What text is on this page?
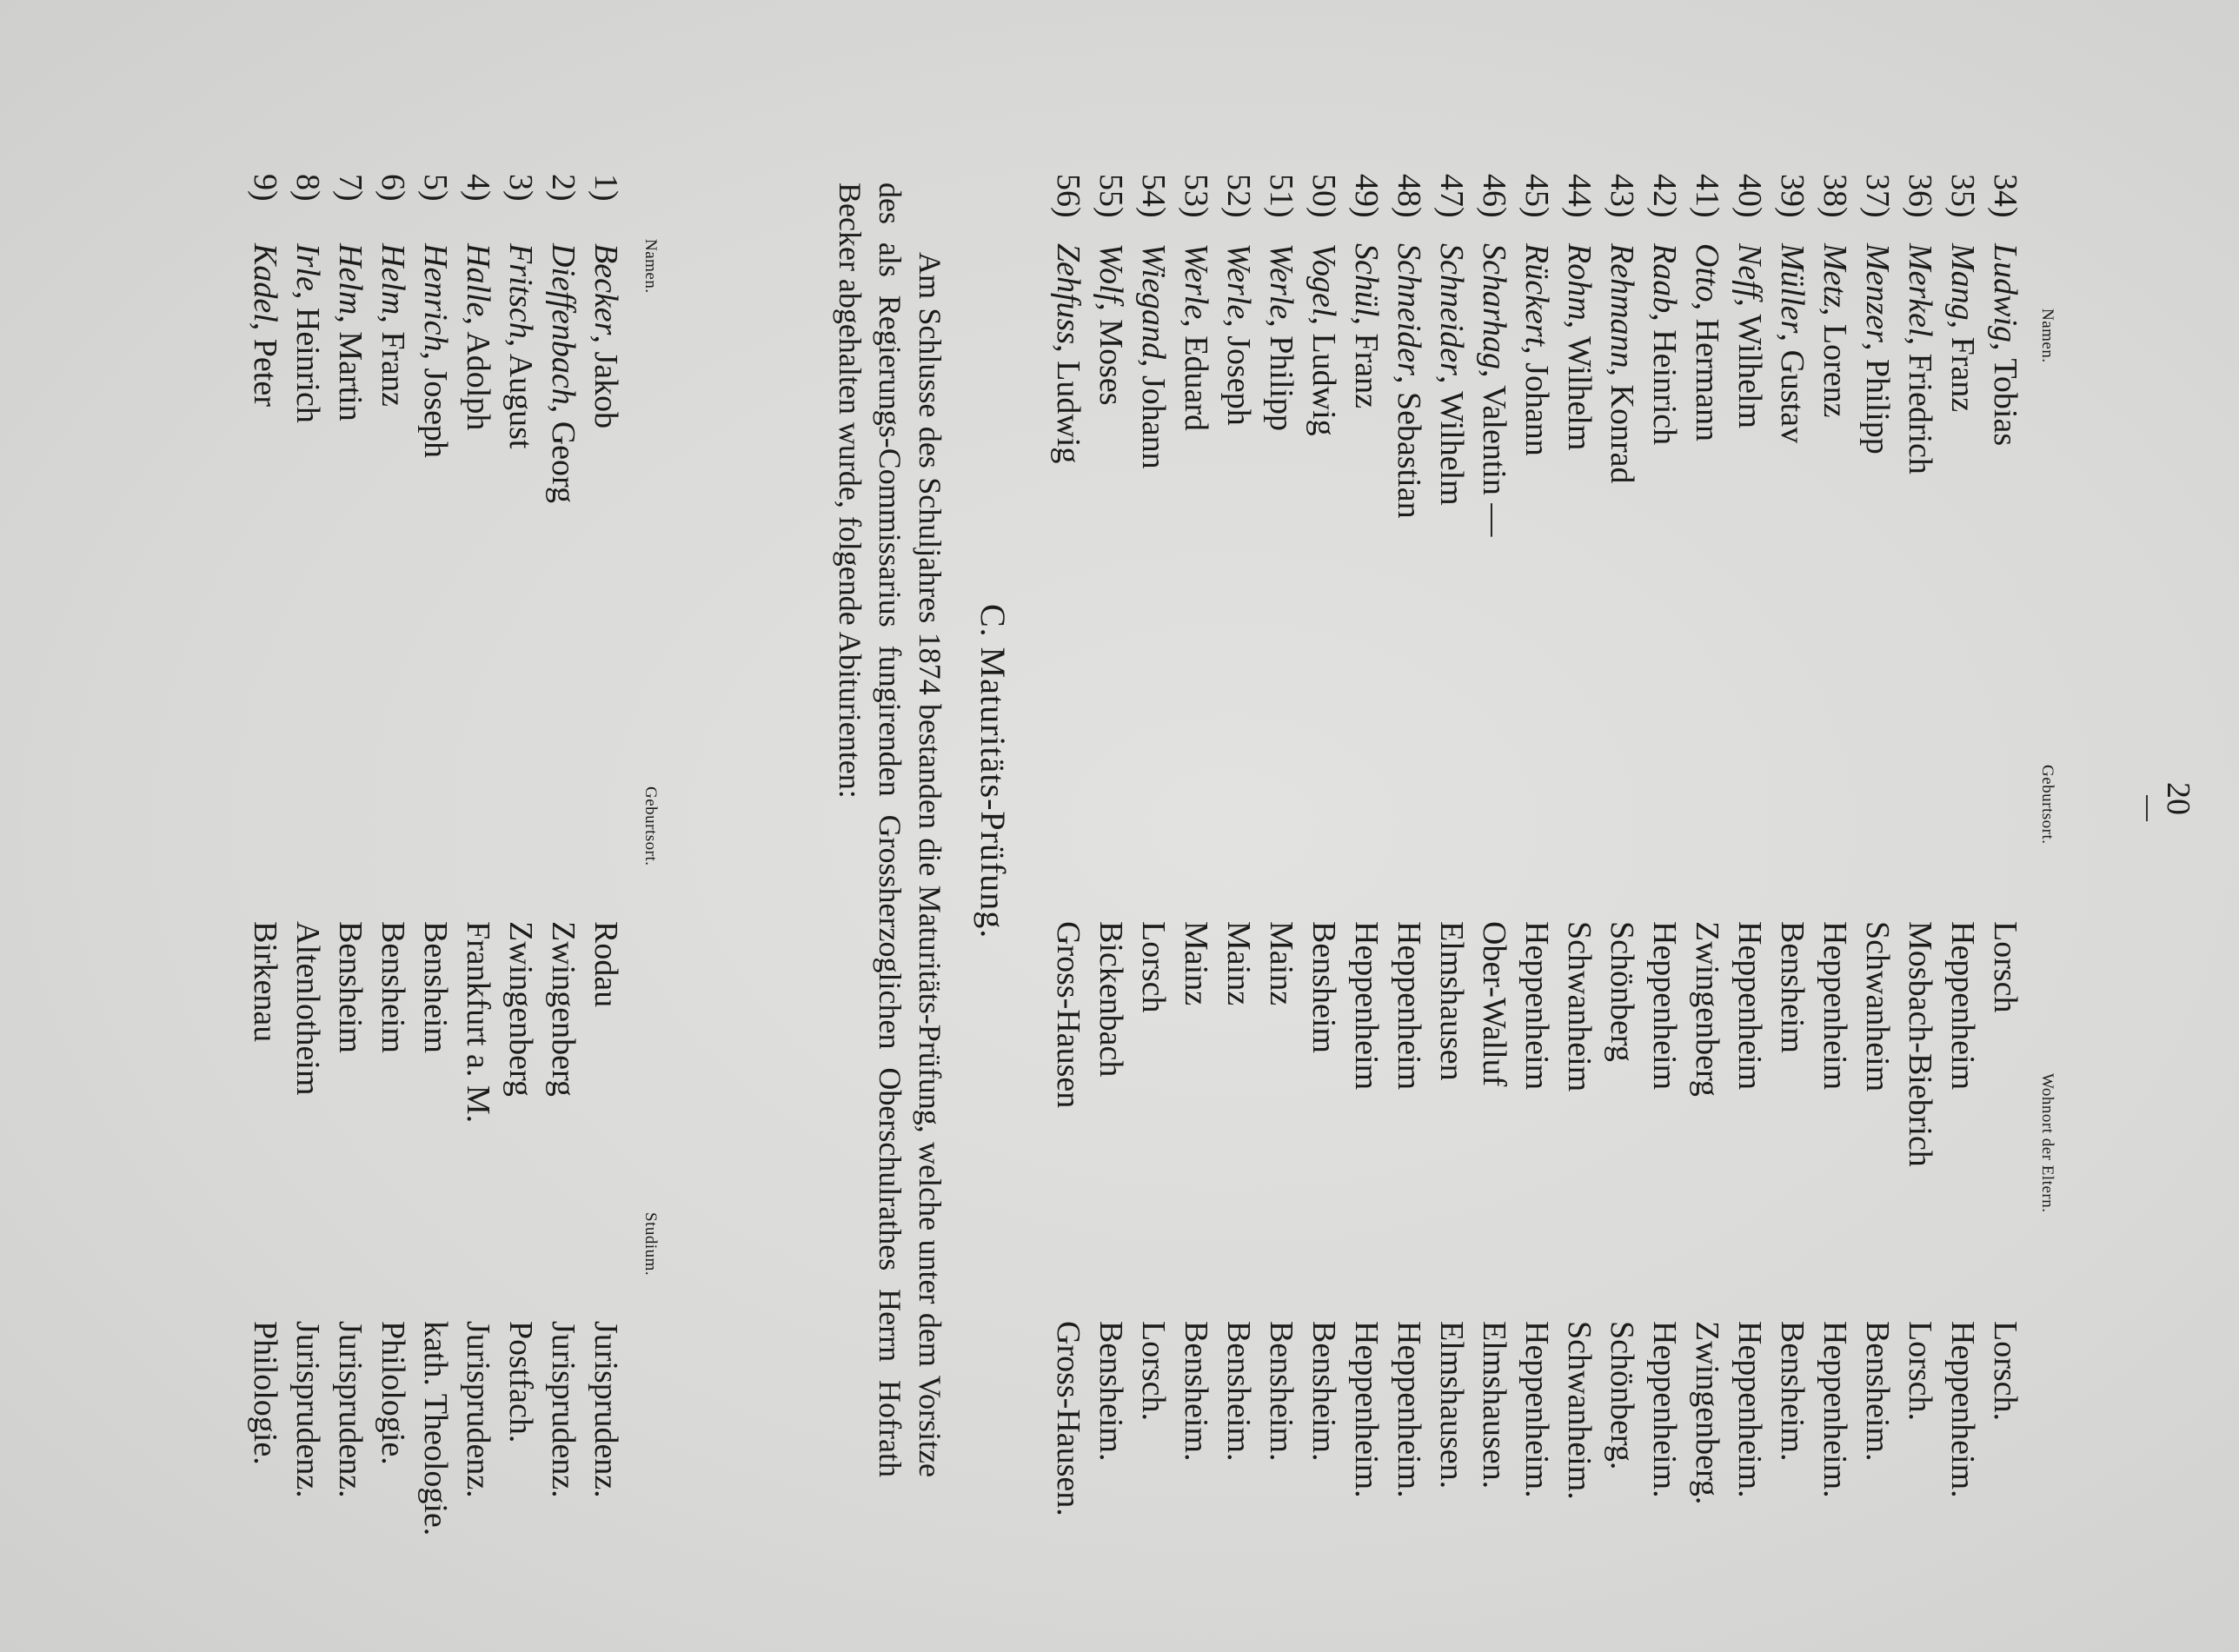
20
Namen.
Geburtsort.
Wohnort der Eltern.
34)Ludwig, Tobias
Lorsch
Lorsch.
35)Mang, Franz
Heppenheim
Heppenheim.
36)Merkel, Friedrich
Mosbach-Biebrich
Lorsch.
37)Menzer, Philipp
Schwanheim
Bensheim.
38)Metz, Lorenz
Heppenheim
Heppenheim.
39)Müller, Gustav
Bensheim
Bensheim.
40)Neff, Wilhelm
Heppenheim
Heppenheim.
41)Otto, Hermann
Zwingenberg
Zwingenberg.
42)Raab, Heinrich
Heppenheim
Heppenheim.
43)Rehmann, Konrad
Schönberg
Schönberg.
44)Rohm, Wilhelm
Schwanheim
Schwanheim.
45)Rückert, Johann
Heppenheim
Heppenheim.
46)Scharhag, Valentin —
Ober-Walluf
Elmshausen.
47)Schneider, Wilhelm
Elmshausen
Elmshausen.
48)Schneider, Sebastian
Heppenheim
Heppenheim.
49)Schül, Franz
Heppenheim
Heppenheim.
50)Vogel, Ludwig
Bensheim
Bensheim.
51)Werle, Philipp
Mainz
Bensheim.
52)Werle, Joseph
Mainz
Bensheim.
53)Werle, Eduard
Mainz
Bensheim.
54)Wiegand, Johann
Lorsch
Lorsch.
55)Wolf, Moses
Bickenbach
Bensheim.
56)Zehfuss, Ludwig
Gross-Hausen
Gross-Hausen.
C. Maturitäts-Prüfung.

Am Schlusse des Schuljahres 1874 bestanden die Maturitäts-Prüfung, welche unter dem Vorsitze des als Regierungs-Commissarius fungirenden Grossherzoglichen Oberschulrathes Herrn Hofrath Becker abgehalten wurde, folgende Abiturienten:

Namen.
Geburtsort.
Studium.
1)Becker, Jakob
Rodau
Jurisprudenz.
2)Dieffenbach, Georg
Zwingenberg
Jurisprudenz.
3)Fritsch, August
Zwingenberg
Postfach.
4)Halle, Adolph
Frankfurt a. M.
Jurisprudenz.
5)Henrich, Joseph
Bensheim
kath. Theologie.
6)Helm, Franz
Bensheim
Philologie.
7)Helm, Martin
Bensheim
Jurisprudenz.
8)Irle, Heinrich
Altenlotheim
Jurisprudenz.
9)Kadel, Peter
Birkenau
Philologie.
